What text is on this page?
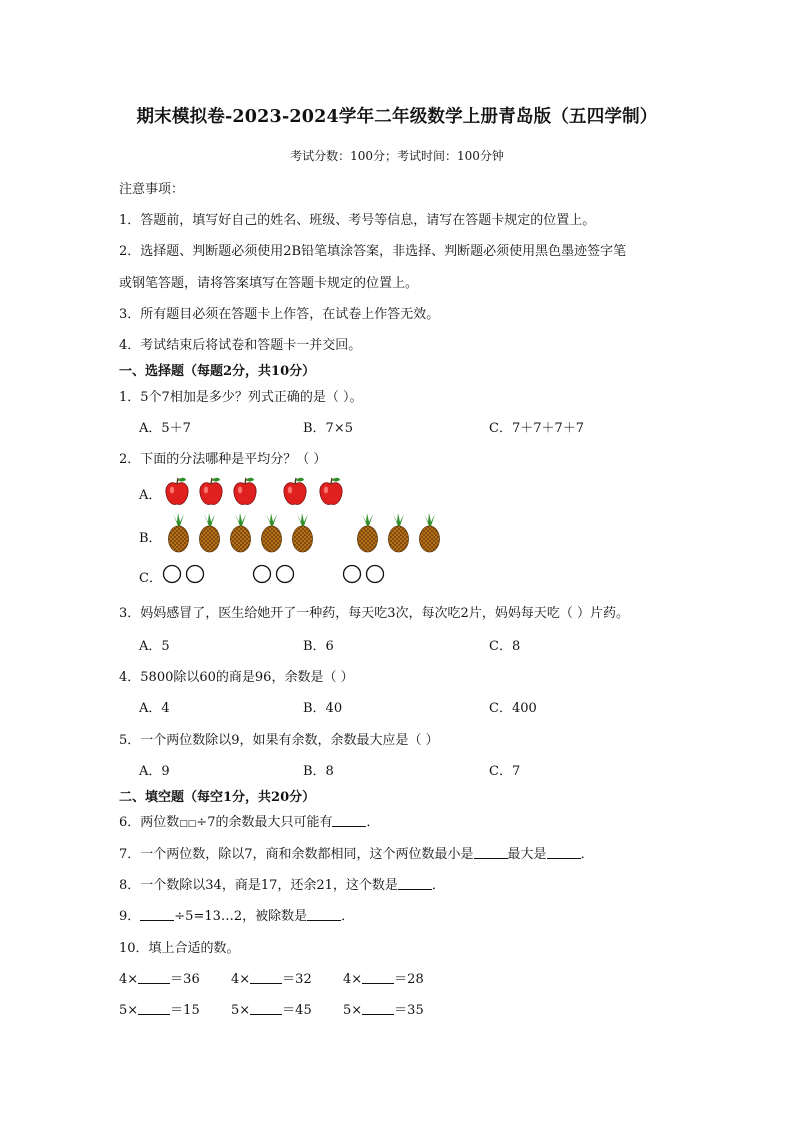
期末模拟卷-2023-2024学年二年级数学上册青岛版（五四学制）
考试分数：100分；考试时间：100分钟
注意事项：
1．答题前，填写好自己的姓名、班级、考号等信息，请写在答题卡规定的位置上。
2．选择题、判断题必须使用2B铅笔填涂答案，非选择、判断题必须使用黑色墨迹签字笔
或钢笔答题，请将答案填写在答题卡规定的位置上。
3．所有题目必须在答题卡上作答，在试卷上作答无效。
4．考试结束后将试卷和答题卡一并交回。
一、选择题（每题2分，共10分）
1．5个7相加是多少？列式正确的是（ ）。
A．5＋7	B．7×5	C．7＋7＋7＋7
2．下面的分法哪种是平均分？（ ）
A．
B．
C．
3．妈妈感冒了，医生给她开了一种药，每天吃3次，每次吃2片，妈妈每天吃（ ）片药。
A．5	B．6	C．8
4．5800除以60的商是96，余数是（ ）
A．4	B．40	C．400
5．一个两位数除以9，如果有余数，余数最大应是（ ）
A．9	B．8	C．7
二、填空题（每空1分，共20分）
6．两位数□□÷7的余数最大只可能有	．
7．一个两位数，除以7，商和余数都相同，这个两位数最小是	最大是	．
8．一个数除以34，商是17，还余21，这个数是	．
9．	÷5=13…2，被除数是	．
10．填上合适的数。
4× ＝36 4× ＝32 4× ＝28
5× ＝15 5× ＝45 5× ＝35
